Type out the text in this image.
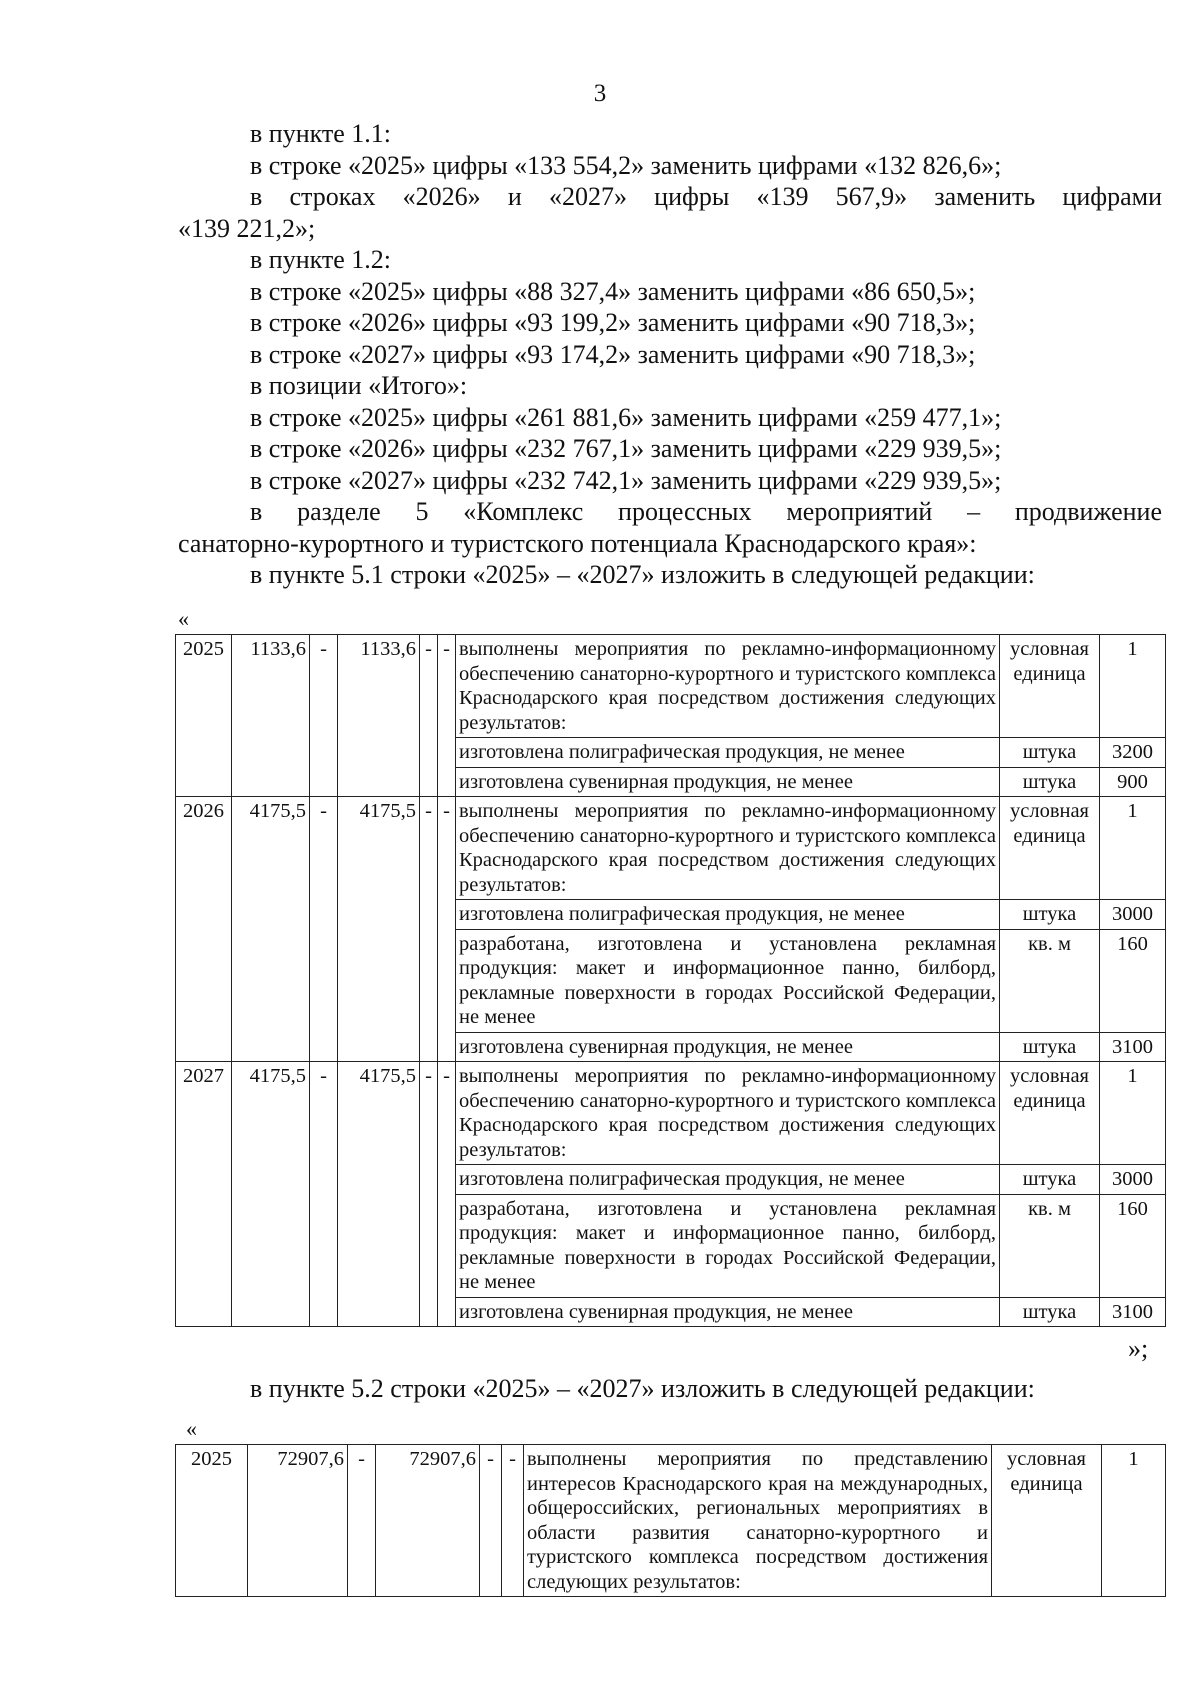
3

в пункте 1.1:

в строке «2025» цифры «133 554,2» заменить цифрами «132 826,6»;

в строках «2026» и «2027» цифры «139 567,9» заменить цифрами

«139 221,2»;

в пункте 1.2:

в строке «2025» цифры «88 327,4» заменить цифрами «86 650,5»;

в строке «2026» цифры «93 199,2» заменить цифрами «90 718,3»;

в строке «2027» цифры «93 174,2» заменить цифрами «90 718,3»;

в позиции «Итого»:

в строке «2025» цифры «261 881,6» заменить цифрами «259 477,1»;

в строке «2026» цифры «232 767,1» заменить цифрами «229 939,5»;

в строке «2027» цифры «232 742,1» заменить цифрами «229 939,5»;

в разделе 5 «Комплекс процессных мероприятий – продвижение

санаторно-курортного и туристского потенциала Краснодарского края»:

в пункте 5.1 строки «2025» – «2027» изложить в следующей редакции:

«
2025	1133,6	-	1133,6	-	-	выполнены мероприятия по рекламно-информационному обеспечению санаторно-курортного и туристского комплекса Краснодарского края посредством достижения следующих результатов:	условная единица	1
						изготовлена полиграфическая продукция, не менее	штука	3200
						изготовлена сувенирная продукция, не менее	штука	900
2026	4175,5	-	4175,5	-	-	выполнены мероприятия по рекламно-информационному обеспечению санаторно-курортного и туристского комплекса Краснодарского края посредством достижения следующих результатов:	условная единица	1
						изготовлена полиграфическая продукция, не менее	штука	3000
						разработана, изготовлена и установлена рекламная продукция: макет и информационное панно, билборд, рекламные поверхности в городах Российской Федерации, не менее	кв. м	160
						изготовлена сувенирная продукция, не менее	штука	3100
2027	4175,5	-	4175,5	-	-	выполнены мероприятия по рекламно-информационному обеспечению санаторно-курортного и туристского комплекса Краснодарского края посредством достижения следующих результатов:	условная единица	1
						изготовлена полиграфическая продукция, не менее	штука	3000
						разработана, изготовлена и установлена рекламная продукция: макет и информационное панно, билборд, рекламные поверхности в городах Российской Федерации, не менее	кв. м	160
						изготовлена сувенирная продукция, не менее	штука	3100
»;

в пункте 5.2 строки «2025» – «2027» изложить в следующей редакции:

«
2025	72907,6	-	72907,6	-	-	выполнены мероприятия по представлению интересов Краснодарского края на международных, общероссийских, региональных мероприятиях в области развития санаторно-курортного и туристского комплекса посредством достижения следующих результатов:	условная единица	1
